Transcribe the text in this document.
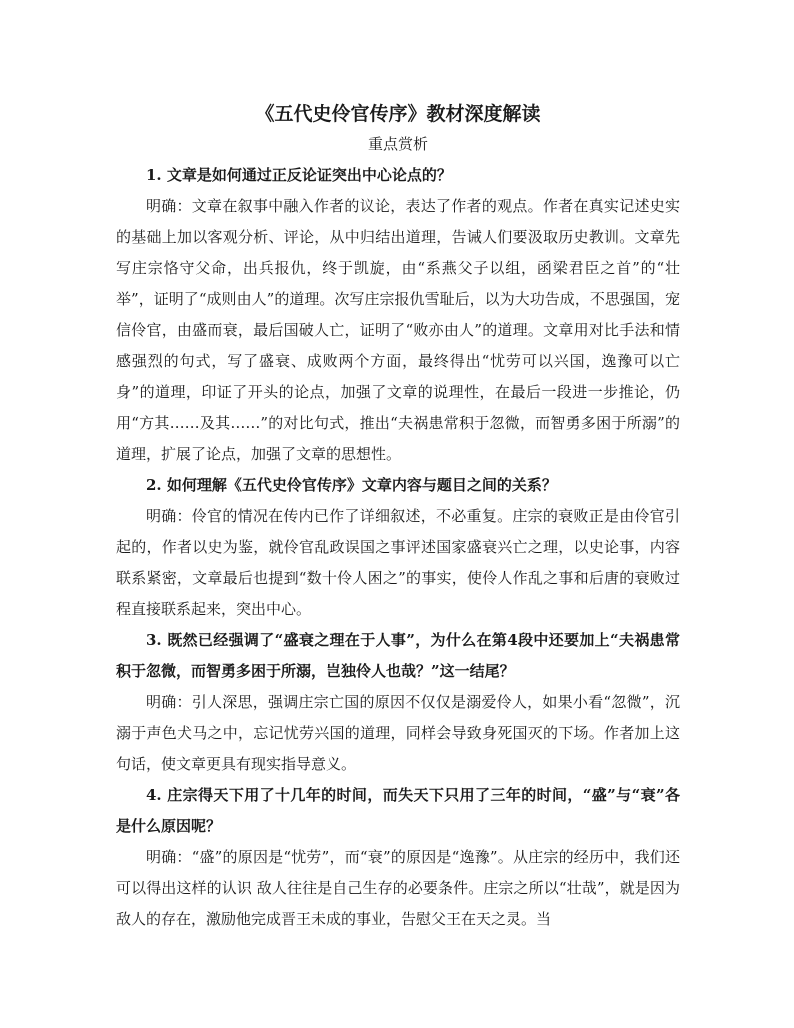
《五代史伶官传序》教材深度解读
重点赏析

1. 文章是如何通过正反论证突出中心论点的？

明确：文章在叙事中融入作者的议论，表达了作者的观点。作者在真实记述史实的基础上加以客观分析、评论，从中归结出道理，告诫人们要汲取历史教训。文章先写庄宗恪守父命，出兵报仇，终于凯旋，由“系燕父子以组，函梁君臣之首”的“壮举”，证明了“成则由人”的道理。次写庄宗报仇雪耻后，以为大功告成，不思强国，宠信伶官，由盛而衰，最后国破人亡，证明了“败亦由人”的道理。文章用对比手法和情感强烈的句式，写了盛衰、成败两个方面，最终得出“忧劳可以兴国，逸豫可以亡身”的道理，印证了开头的论点，加强了文章的说理性，在最后一段进一步推论，仍用“方其……及其……”的对比句式，推出“夫祸患常积于忽微，而智勇多困于所溺”的道理，扩展了论点，加强了文章的思想性。

2. 如何理解《五代史伶官传序》文章内容与题目之间的关系？

明确：伶官的情况在传内已作了详细叙述，不必重复。庄宗的衰败正是由伶官引起的，作者以史为鉴，就伶官乱政误国之事评述国家盛衰兴亡之理，以史论事，内容联系紧密，文章最后也提到“数十伶人困之”的事实，使伶人作乱之事和后唐的衰败过程直接联系起来，突出中心。

3. 既然已经强调了“盛衰之理在于人事”，为什么在第4段中还要加上“夫祸患常积于忽微，而智勇多困于所溺，岂独伶人也哉？”这一结尾？

明确：引人深思，强调庄宗亡国的原因不仅仅是溺爱伶人，如果小看“忽微”，沉溺于声色犬马之中，忘记忧劳兴国的道理，同样会导致身死国灭的下场。作者加上这句话，使文章更具有现实指导意义。

4. 庄宗得天下用了十几年的时间，而失天下只用了三年的时间，“盛”与“衰”各是什么原因呢？

明确：“盛”的原因是“忧劳”，而“衰”的原因是“逸豫”。从庄宗的经历中，我们还可以得出这样的认识 敌人往往是自己生存的必要条件。庄宗之所以“壮哉”，就是因为敌人的存在，激励他完成晋王未成的事业，告慰父王在天之灵。当
